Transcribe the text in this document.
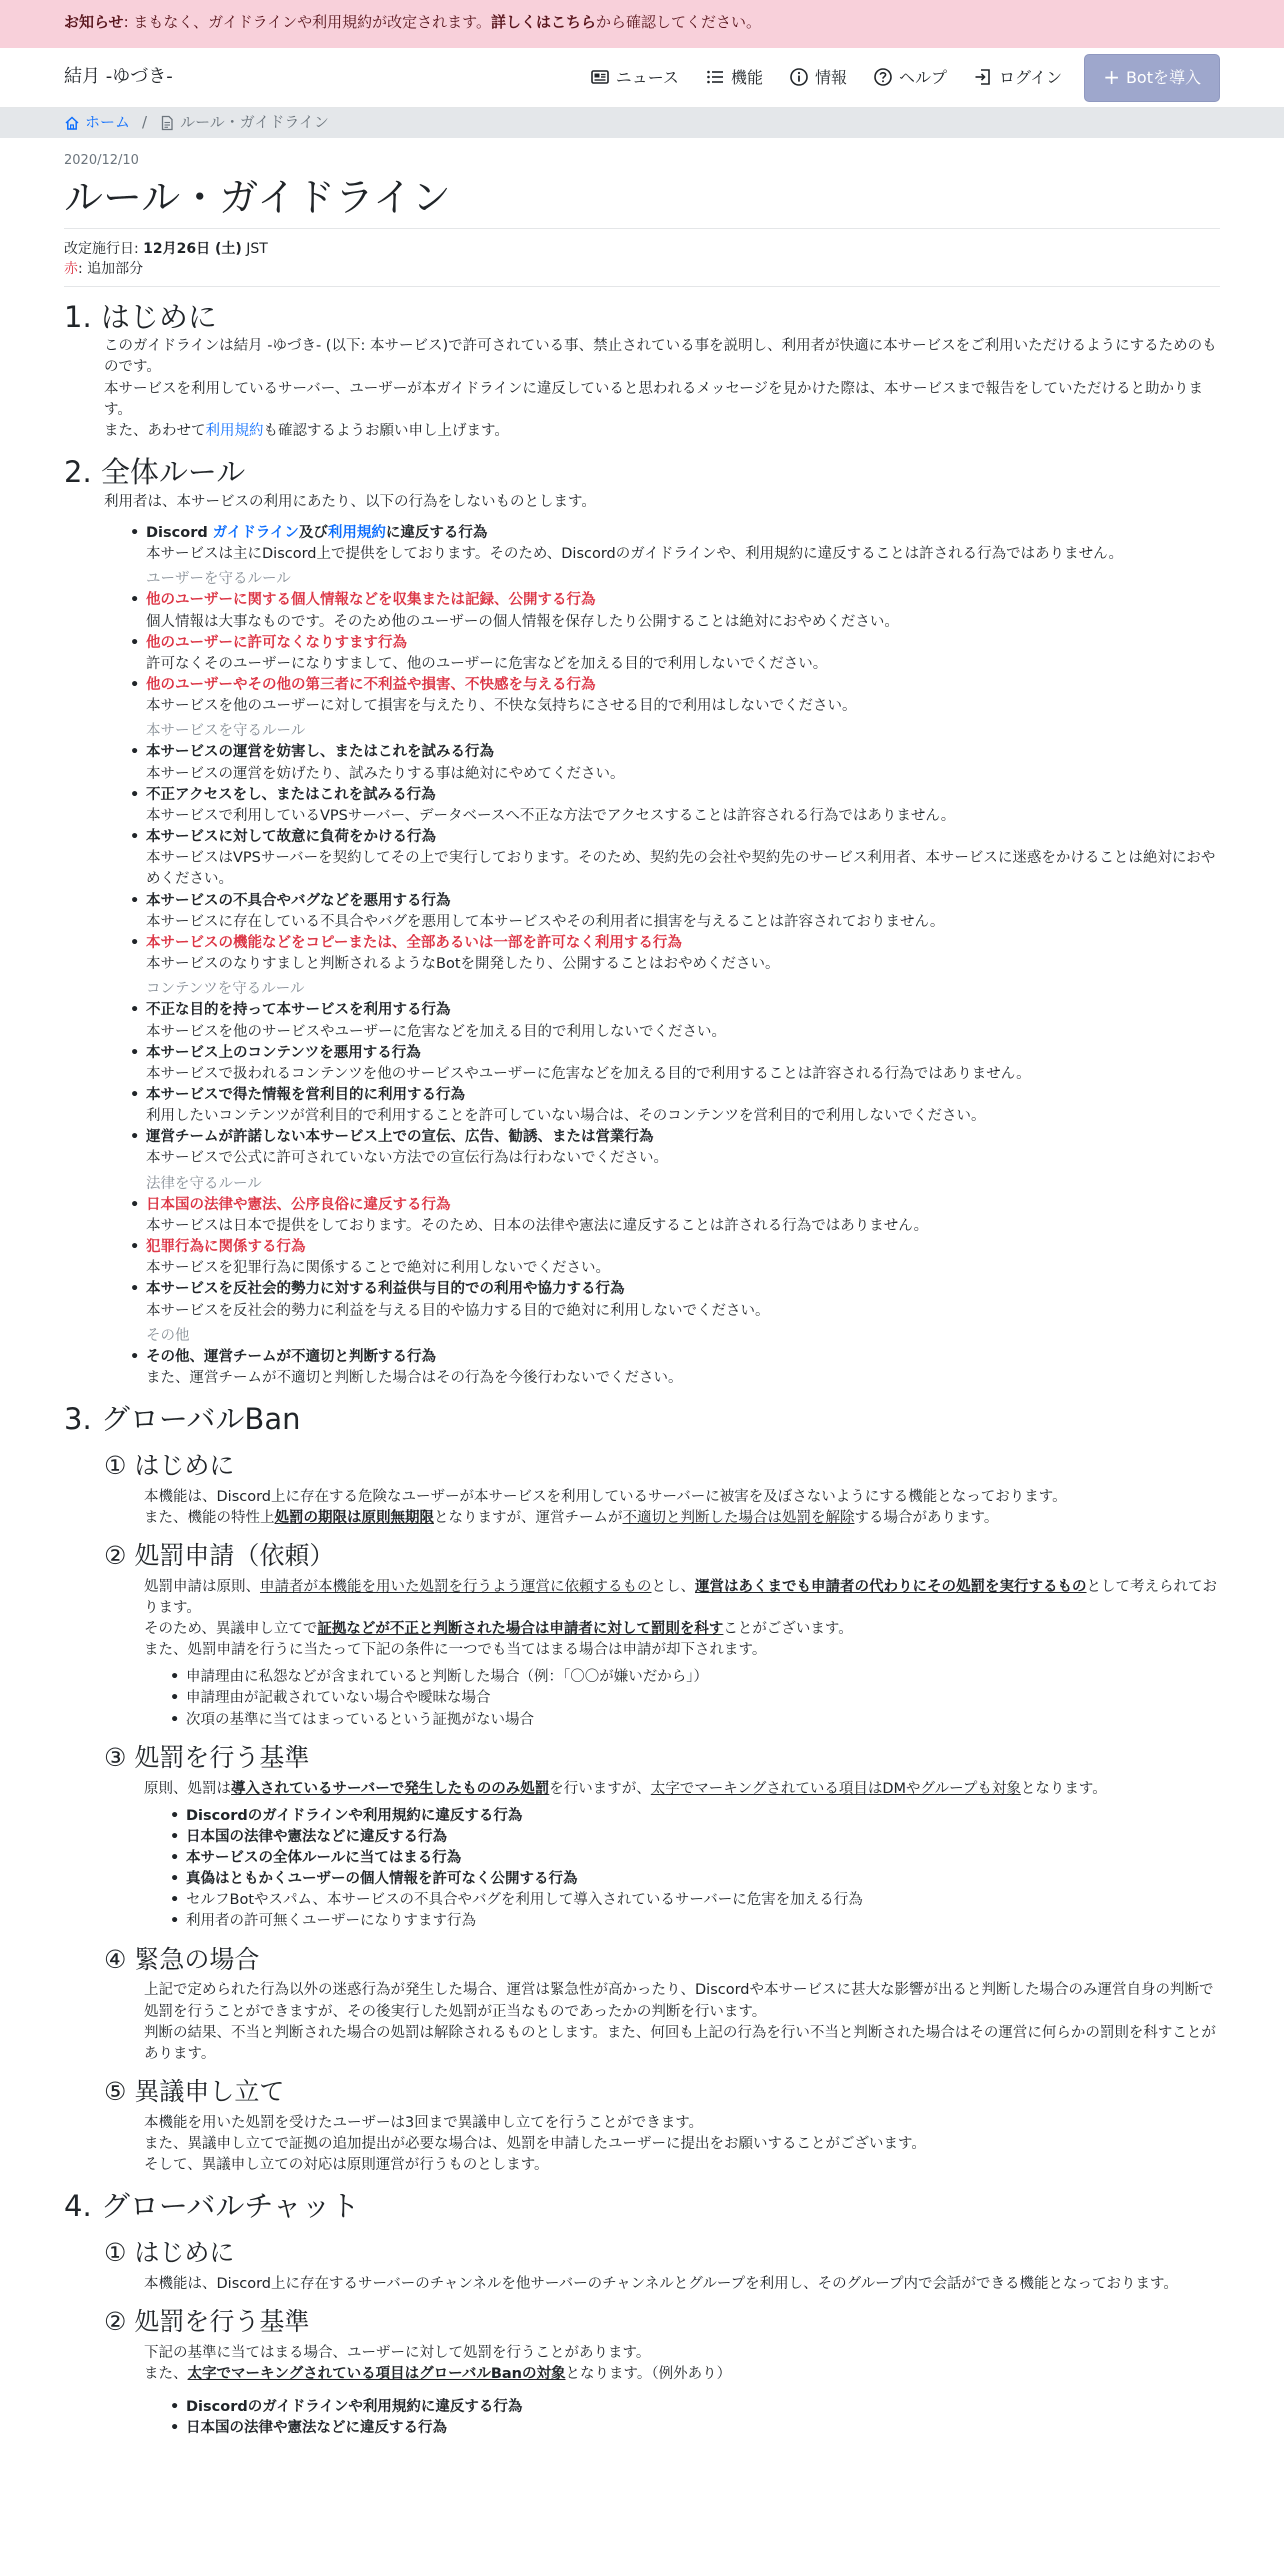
お知らせ: まもなく、ガイドラインや利用規約が改定されます。詳しくはこちらから確認してください。
結月 -ゆづき-	ニュース	機能	情報	ヘルプ	ログイン + Botを導入
ホーム / ルール・ガイドライン
2020/12/10
ルール・ガイドライン
改定施行日: 12月26日 (土) JST
赤: 追加部分
1. はじめに

このガイドラインは結月 -ゆづき- (以下: 本サービス)で許可されている事、禁止されている事を説明し、利用者が快適に本サービスをご利用いただけるようにするためのものです。

本サービスを利用しているサーバー、ユーザーが本ガイドラインに違反していると思われるメッセージを見かけた際は、本サービスまで報告をしていただけると助かります。

また、あわせて利用規約も確認するようお願い申し上げます。

2. 全体ルール

利用者は、本サービスの利用にあたり、以下の行為をしないものとします。

• Discord ガイドライン及び利用規約に違反する行為
本サービスは主にDiscord上で提供をしております。そのため、Discordのガイドラインや、利用規約に違反することは許される行為ではありません。
ユーザーを守るルール
• 他のユーザーに関する個人情報などを収集または記録、公開する行為
個人情報は大事なものです。そのため他のユーザーの個人情報を保存したり公開することは絶対におやめください。
• 他のユーザーに許可なくなりすます行為
許可なくそのユーザーになりすまして、他のユーザーに危害などを加える目的で利用しないでください。
• 他のユーザーやその他の第三者に不利益や損害、不快感を与える行為
本サービスを他のユーザーに対して損害を与えたり、不快な気持ちにさせる目的で利用はしないでください。
本サービスを守るルール
• 本サービスの運営を妨害し、またはこれを試みる行為
本サービスの運営を妨げたり、試みたりする事は絶対にやめてください。
• 不正アクセスをし、またはこれを試みる行為
本サービスで利用しているVPSサーバー、データベースへ不正な方法でアクセスすることは許容される行為ではありません。
• 本サービスに対して故意に負荷をかける行為
本サービスはVPSサーバーを契約してその上で実行しております。そのため、契約先の会社や契約先のサービス利用者、本サービスに迷惑をかけることは絶対におやめください。
• 本サービスの不具合やバグなどを悪用する行為
本サービスに存在している不具合やバグを悪用して本サービスやその利用者に損害を与えることは許容されておりません。
• 本サービスの機能などをコピーまたは、全部あるいは一部を許可なく利用する行為
本サービスのなりすましと判断されるようなBotを開発したり、公開することはおやめください。
コンテンツを守るルール
• 不正な目的を持って本サービスを利用する行為
本サービスを他のサービスやユーザーに危害などを加える目的で利用しないでください。
• 本サービス上のコンテンツを悪用する行為
本サービスで扱われるコンテンツを他のサービスやユーザーに危害などを加える目的で利用することは許容される行為ではありません。
• 本サービスで得た情報を営利目的に利用する行為
利用したいコンテンツが営利目的で利用することを許可していない場合は、そのコンテンツを営利目的で利用しないでください。
• 運営チームが許諾しない本サービス上での宣伝、広告、勧誘、または営業行為
本サービスで公式に許可されていない方法での宣伝行為は行わないでください。
法律を守るルール
• 日本国の法律や憲法、公序良俗に違反する行為
本サービスは日本で提供をしております。そのため、日本の法律や憲法に違反することは許される行為ではありません。
• 犯罪行為に関係する行為
本サービスを犯罪行為に関係することで絶対に利用しないでください。
• 本サービスを反社会的勢力に対する利益供与目的での利用や協力する行為
本サービスを反社会的勢力に利益を与える目的や協力する目的で絶対に利用しないでください。
その他
• その他、運営チームが不適切と判断する行為
また、運営チームが不適切と判断した場合はその行為を今後行わないでください。
3. グローバルBan
① はじめに

本機能は、Discord上に存在する危険なユーザーが本サービスを利用しているサーバーに被害を及ぼさないようにする機能となっております。

また、機能の特性上処罰の期限は原則無期限となりますが、運営チームが不適切と判断した場合は処罰を解除する場合があります。

② 処罰申請（依頼）

処罰申請は原則、申請者が本機能を用いた処罰を行うよう運営に依頼するものとし、運営はあくまでも申請者の代わりにその処罰を実行するものとして考えられております。

そのため、異議申し立てで証拠などが不正と判断された場合は申請者に対して罰則を科すことがございます。

また、処罰申請を行うに当たって下記の条件に一つでも当てはまる場合は申請が却下されます。

• 申請理由に私怨などが含まれていると判断した場合（例：「〇〇が嫌いだから」）
• 申請理由が記載されていない場合や曖昧な場合
• 次項の基準に当てはまっているという証拠がない場合
③ 処罰を行う基準

原則、処罰は導入されているサーバーで発生したもののみ処罰を行いますが、太字でマーキングされている項目はDMやグループも対象となります。

• Discordのガイドラインや利用規約に違反する行為
• 日本国の法律や憲法などに違反する行為
• 本サービスの全体ルールに当てはまる行為
• 真偽はともかくユーザーの個人情報を許可なく公開する行為
• セルフBotやスパム、本サービスの不具合やバグを利用して導入されているサーバーに危害を加える行為
• 利用者の許可無くユーザーになりすます行為
④ 緊急の場合

上記で定められた行為以外の迷惑行為が発生した場合、運営は緊急性が高かったり、Discordや本サービスに甚大な影響が出ると判断した場合のみ運営自身の判断で処罰を行うことができますが、その後実行した処罰が正当なものであったかの判断を行います。

判断の結果、不当と判断された場合の処罰は解除されるものとします。また、何回も上記の行為を行い不当と判断された場合はその運営に何らかの罰則を科すことがあります。

⑤ 異議申し立て

本機能を用いた処罰を受けたユーザーは3回まで異議申し立てを行うことができます。

また、異議申し立てで証拠の追加提出が必要な場合は、処罰を申請したユーザーに提出をお願いすることがございます。

そして、異議申し立ての対応は原則運営が行うものとします。

4. グローバルチャット
① はじめに

本機能は、Discord上に存在するサーバーのチャンネルを他サーバーのチャンネルとグループを利用し、そのグループ内で会話ができる機能となっております。

② 処罰を行う基準

下記の基準に当てはまる場合、ユーザーに対して処罰を行うことがあります。

また、太字でマーキングされている項目はグローバルBanの対象となります。（例外あり）

• Discordのガイドラインや利用規約に違反する行為
• 日本国の法律や憲法などに違反する行為
